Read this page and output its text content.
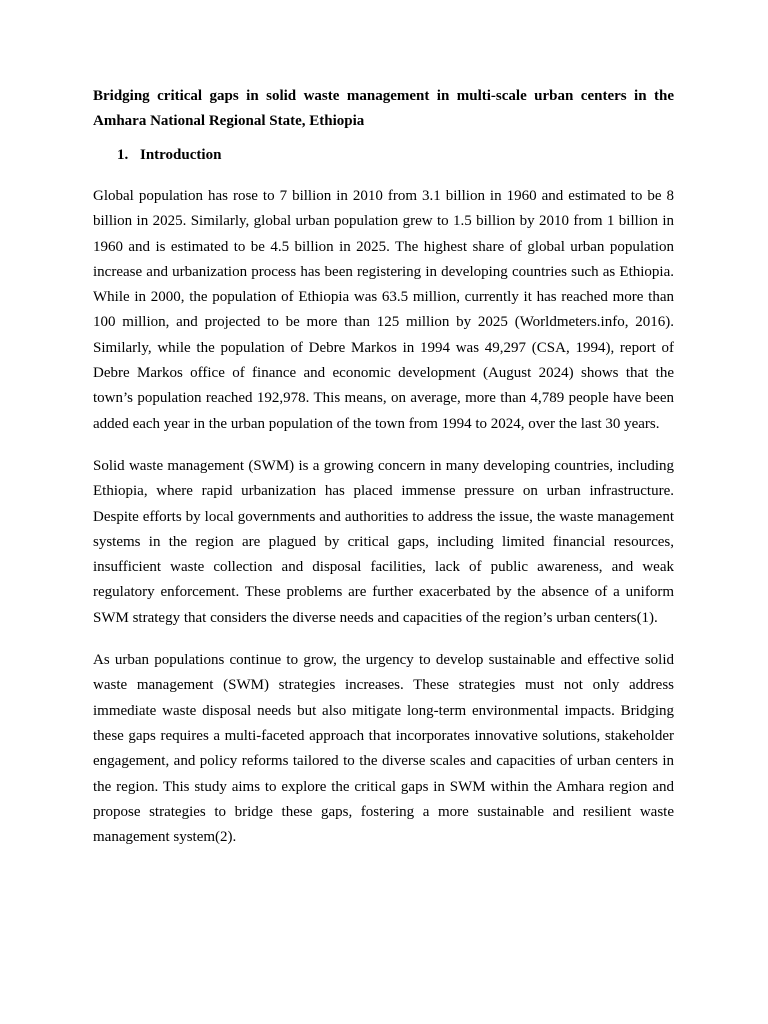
Bridging critical gaps in solid waste management in multi-scale urban centers in the Amhara National Regional State, Ethiopia

1. Introduction

Global population has rose to 7 billion in 2010 from 3.1 billion in 1960 and estimated to be 8 billion in 2025. Similarly, global urban population grew to 1.5 billion by 2010 from 1 billion in 1960 and is estimated to be 4.5 billion in 2025. The highest share of global urban population increase and urbanization process has been registering in developing countries such as Ethiopia. While in 2000, the population of Ethiopia was 63.5 million, currently it has reached more than 100 million, and projected to be more than 125 million by 2025 (Worldmeters.info, 2016). Similarly, while the population of Debre Markos in 1994 was 49,297 (CSA, 1994), report of Debre Markos office of finance and economic development (August 2024) shows that the town’s population reached 192,978. This means, on average, more than 4,789 people have been added each year in the urban population of the town from 1994 to 2024, over the last 30 years.

Solid waste management (SWM) is a growing concern in many developing countries, including Ethiopia, where rapid urbanization has placed immense pressure on urban infrastructure. Despite efforts by local governments and authorities to address the issue, the waste management systems in the region are plagued by critical gaps, including limited financial resources, insufficient waste collection and disposal facilities, lack of public awareness, and weak regulatory enforcement. These problems are further exacerbated by the absence of a uniform SWM strategy that considers the diverse needs and capacities of the region’s urban centers(1).

As urban populations continue to grow, the urgency to develop sustainable and effective solid waste management (SWM) strategies increases. These strategies must not only address immediate waste disposal needs but also mitigate long-term environmental impacts. Bridging these gaps requires a multi-faceted approach that incorporates innovative solutions, stakeholder engagement, and policy reforms tailored to the diverse scales and capacities of urban centers in the region. This study aims to explore the critical gaps in SWM within the Amhara region and propose strategies to bridge these gaps, fostering a more sustainable and resilient waste management system(2).
